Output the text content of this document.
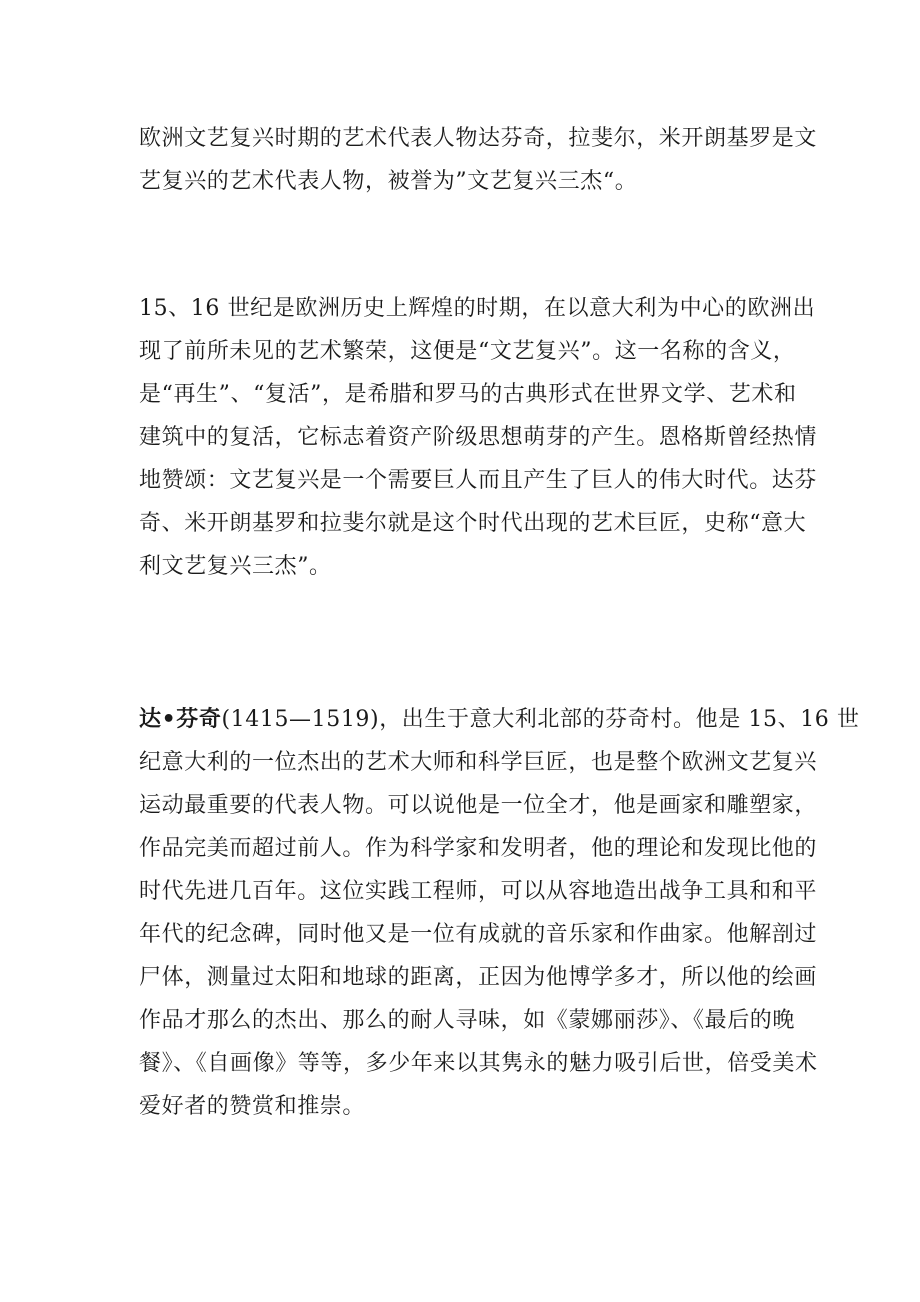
欧洲文艺复兴时期的艺术代表人物达芬奇，拉斐尔，米开朗基罗是文
艺复兴的艺术代表人物，被誉为”文艺复兴三杰“。

15、16 世纪是欧洲历史上辉煌的时期，在以意大利为中心的欧洲出
现了前所未见的艺术繁荣，这便是“文艺复兴”。这一名称的含义，
是“再生”、“复活”，是希腊和罗马的古典形式在世界文学、艺术和
建筑中的复活，它标志着资产阶级思想萌芽的产生。恩格斯曾经热情
地赞颂：文艺复兴是一个需要巨人而且产生了巨人的伟大时代。达芬
奇、米开朗基罗和拉斐尔就是这个时代出现的艺术巨匠，史称“意大
利文艺复兴三杰”。

达•芬奇(1415—1519)，出生于意大利北部的芬奇村。他是 15、16 世
纪意大利的一位杰出的艺术大师和科学巨匠，也是整个欧洲文艺复兴
运动最重要的代表人物。可以说他是一位全才，他是画家和雕塑家，
作品完美而超过前人。作为科学家和发明者，他的理论和发现比他的
时代先进几百年。这位实践工程师，可以从容地造出战争工具和和平
年代的纪念碑，同时他又是一位有成就的音乐家和作曲家。他解剖过
尸体，测量过太阳和地球的距离，正因为他博学多才，所以他的绘画
作品才那么的杰出、那么的耐人寻味，如《蒙娜丽莎》、《最后的晚
餐》、《自画像》等等，多少年来以其隽永的魅力吸引后世，倍受美术
爱好者的赞赏和推崇。
